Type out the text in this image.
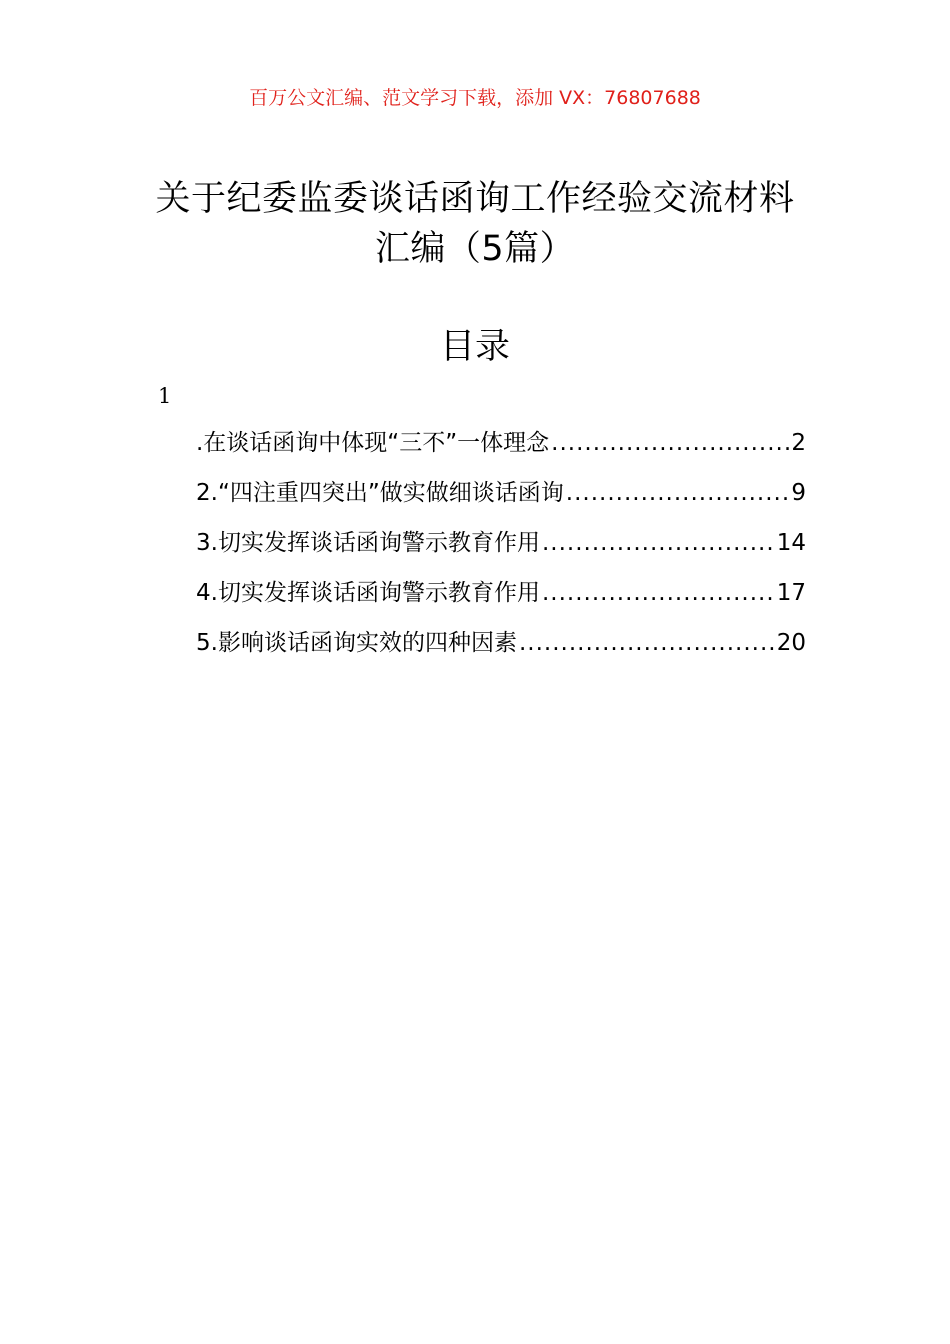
百万公文汇编、范文学习下载，添加 VX：76807688
关于纪委监委谈话函询工作经验交流材料
汇编（5篇）
目录
1
.在谈话函询中体现“三不”一体理念 .....	2
2.“四注重四突出”做实做细谈话函询 .....	9
3.切实发挥谈话函询警示教育作用 .....	14
4.切实发挥谈话函询警示教育作用 .....	17
5.影响谈话函询实效的四种因素 .....	20
